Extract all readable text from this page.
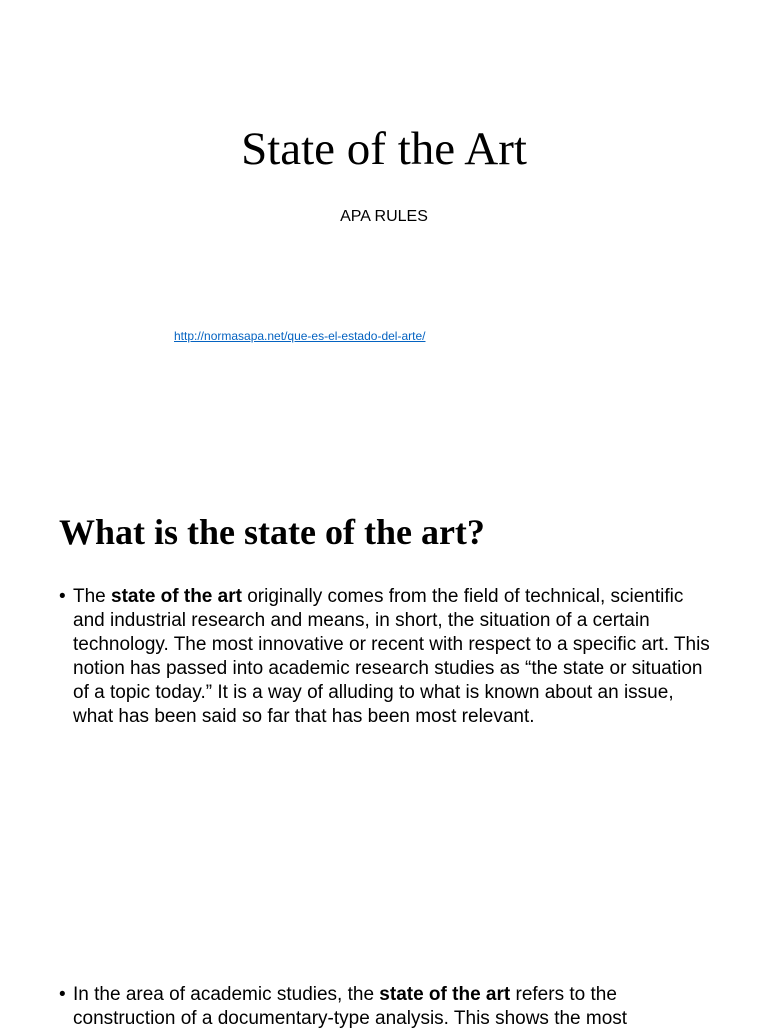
State of the Art

APA RULES

http://normasapa.net/que-es-el-estado-del-arte/
What is the state of the art?
• The state of the art originally comes from the field of technical, scientific and industrial research and means, in short, the situation of a certain technology. The most innovative or recent with respect to a specific art. This notion has passed into academic research studies as “the state or situation of a topic today.” It is a way of alluding to what is known about an issue, what has been said so far that has been most relevant.
• In the area of academic studies, the state of the art refers to the construction of a documentary-type analysis. This shows the most
